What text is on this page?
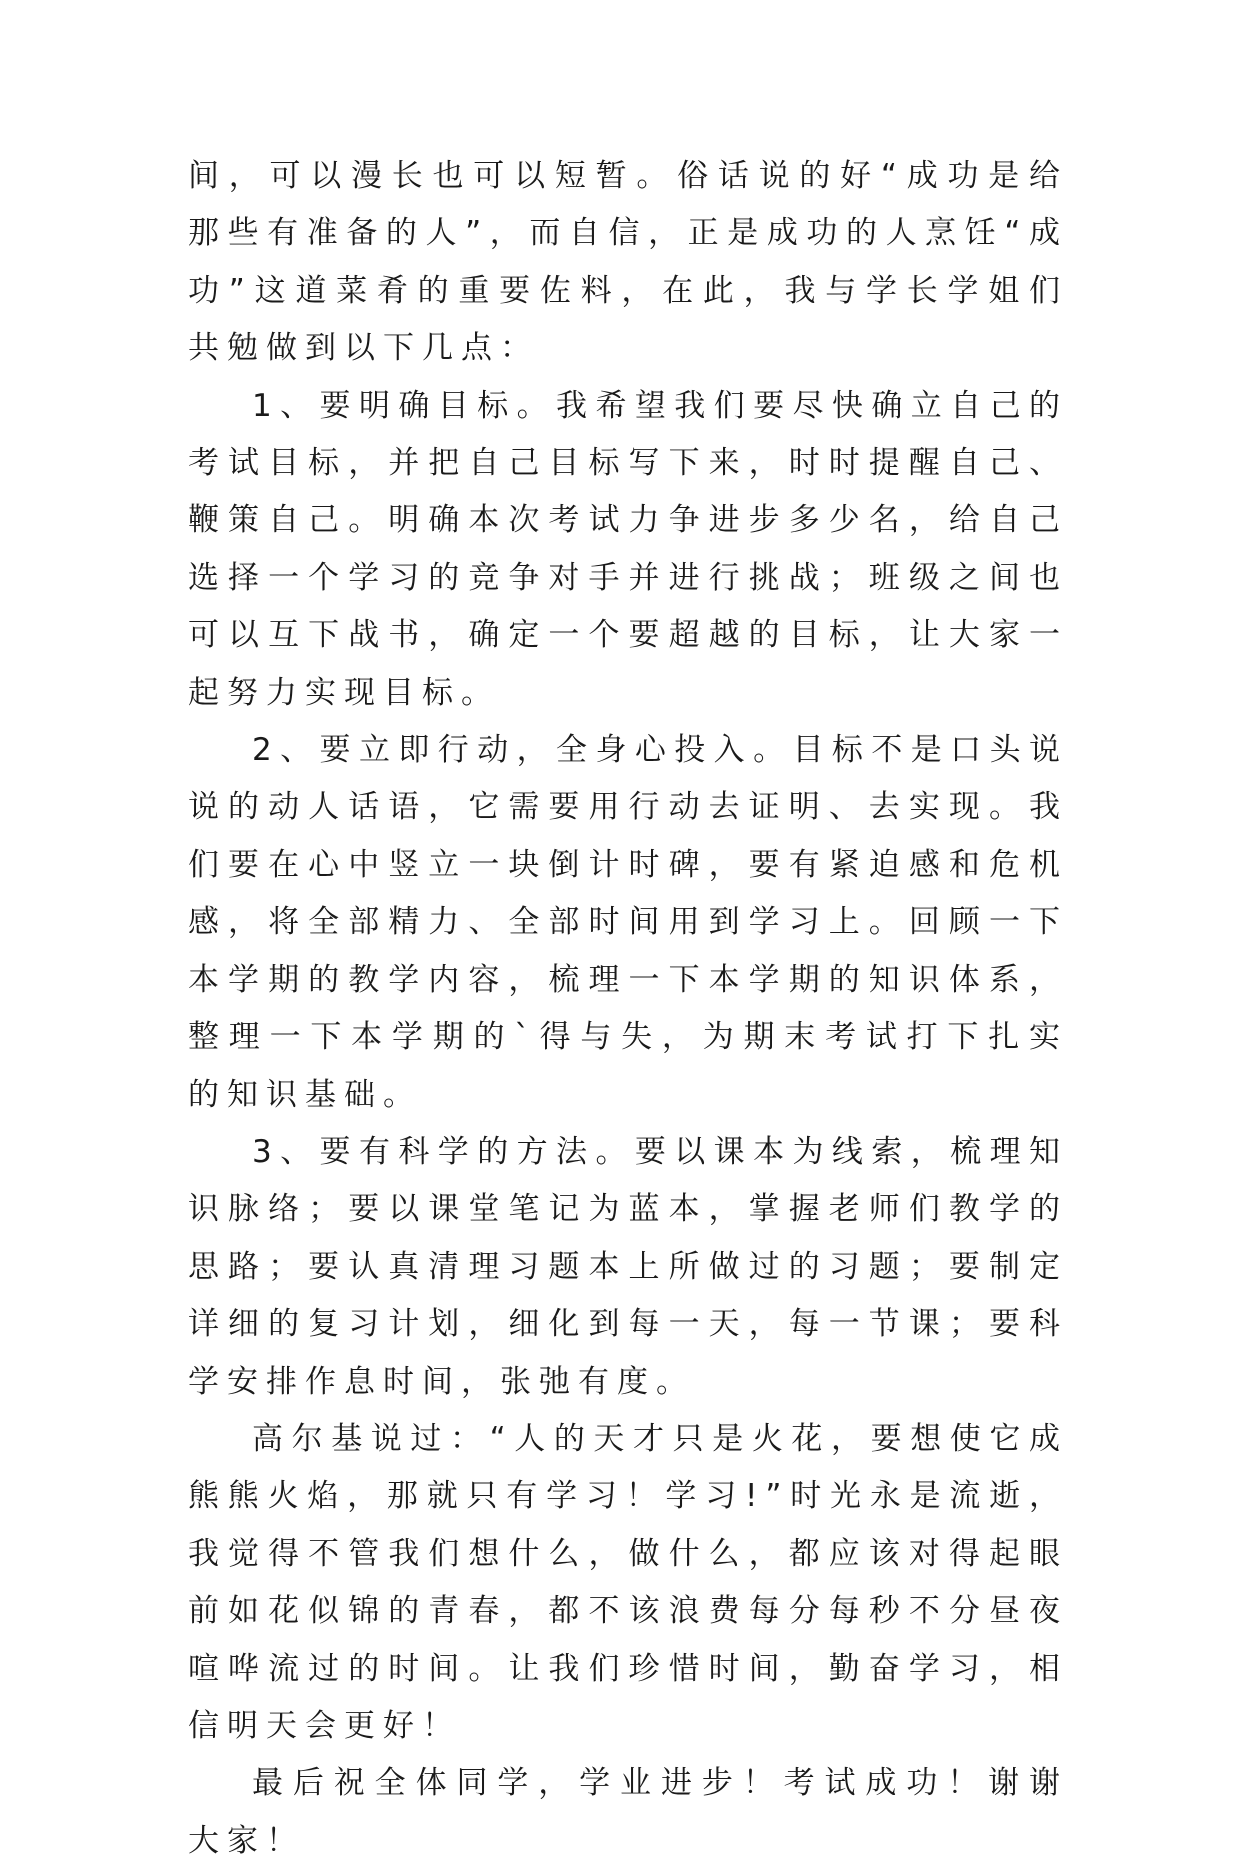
间，可以漫长也可以短暂。俗话说的好“成功是给那些有准备的人”，而自信，正是成功的人烹饪“成功”这道菜肴的重要佐料，在此，我与学长学姐们共勉做到以下几点：

1、要明确目标。我希望我们要尽快确立自己的考试目标，并把自己目标写下来，时时提醒自己、鞭策自己。明确本次考试力争进步多少名，给自己选择一个学习的竞争对手并进行挑战；班级之间也可以互下战书，确定一个要超越的目标，让大家一起努力实现目标。

2、要立即行动，全身心投入。目标不是口头说说的动人话语，它需要用行动去证明、去实现。我们要在心中竖立一块倒计时碑，要有紧迫感和危机感，将全部精力、全部时间用到学习上。回顾一下本学期的教学内容，梳理一下本学期的知识体系，整理一下本学期的`得与失，为期末考试打下扎实的知识基础。

3、要有科学的方法。要以课本为线索，梳理知识脉络；要以课堂笔记为蓝本，掌握老师们教学的思路；要认真清理习题本上所做过的习题；要制定详细的复习计划，细化到每一天，每一节课；要科学安排作息时间，张弛有度。

高尔基说过：“人的天才只是火花，要想使它成熊熊火焰，那就只有学习！学习!”时光永是流逝，我觉得不管我们想什么，做什么，都应该对得起眼前如花似锦的青春，都不该浪费每分每秒不分昼夜喧哗流过的时间。让我们珍惜时间，勤奋学习，相信明天会更好！

最后祝全体同学，学业进步！考试成功！谢谢大家！
